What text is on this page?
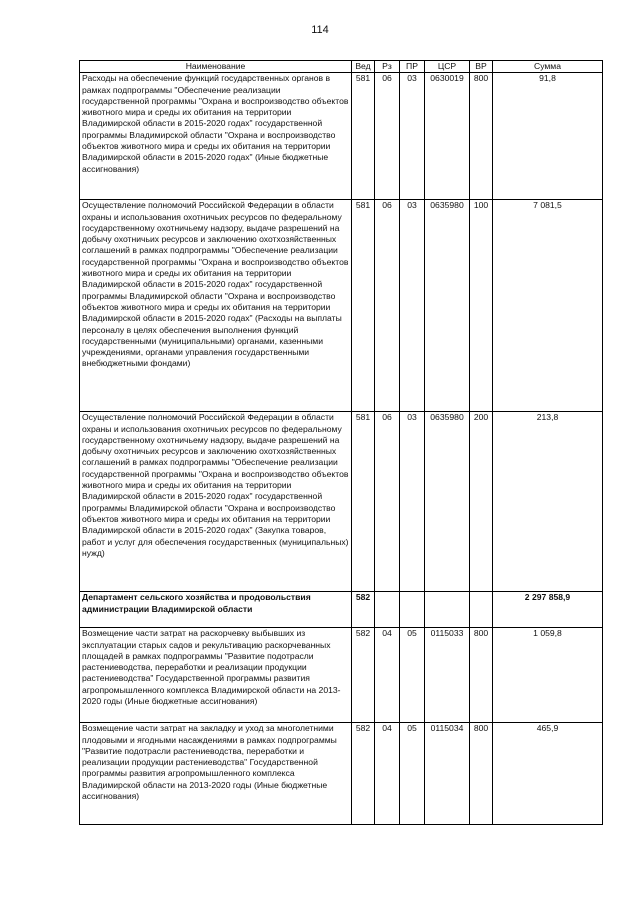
114
Наименование	Вед	Рз	ПР	ЦСР	ВР	Сумма
Расходы на обеспечение функций государственных органов в рамках подпрограммы "Обеспечение реализации государственной программы "Охрана и воспроизводство объектов животного мира и среды их обитания на территории Владимирской области в 2015-2020 годах" государственной программы Владимирской области "Охрана и воспроизводство объектов животного мира и среды их обитания на территории Владимирской области в 2015-2020 годах" (Иные бюджетные ассигнования)	581	06	03	0630019	800	91,8
Осуществление полномочий Российской Федерации в области охраны и использования охотничьих ресурсов по федеральному государственному охотничьему надзору, выдаче разрешений на добычу охотничьих ресурсов и заключению охотхозяйственных соглашений в рамках подпрограммы "Обеспечение реализации государственной программы "Охрана и воспроизводство объектов животного мира и среды их обитания на территории Владимирской области в 2015-2020 годах" государственной программы Владимирской области "Охрана и воспроизводство объектов животного мира и среды их обитания на территории Владимирской области в 2015-2020 годах" (Расходы на выплаты персоналу в целях обеспечения выполнения функций государственными (муниципальными) органами, казенными учреждениями, органами управления государственными внебюджетными фондами)	581	06	03	0635980	100	7 081,5
Осуществление полномочий Российской Федерации в области охраны и использования охотничьих ресурсов по федеральному государственному охотничьему надзору, выдаче разрешений на добычу охотничьих ресурсов и заключению охотхозяйственных соглашений в рамках подпрограммы "Обеспечение реализации государственной программы "Охрана и воспроизводство объектов животного мира и среды их обитания на территории Владимирской области в 2015-2020 годах" государственной программы Владимирской области "Охрана и воспроизводство объектов животного мира и среды их обитания на территории Владимирской области в 2015-2020 годах" (Закупка товаров, работ и услуг для обеспечения государственных (муниципальных) нужд)	581	06	03	0635980	200	213,8
Департамент сельского хозяйства и продовольствия администрации Владимирской области	582					2 297 858,9
Возмещение части затрат на раскорчевку выбывших из эксплуатации старых садов и рекультивацию раскорчеванных площадей в рамках подпрограммы "Развитие подотрасли растениеводства, переработки и реализации продукции растениеводства" Государственной программы развития агропромышленного комплекса Владимирской области на 2013-2020 годы (Иные бюджетные ассигнования)	582	04	05	0115033	800	1 059,8
Возмещение части затрат на закладку и уход за многолетними плодовыми и ягодными насаждениями в рамках подпрограммы "Развитие подотрасли растениеводства, переработки и реализации продукции растениеводства" Государственной программы развития агропромышленного комплекса Владимирской области на 2013-2020 годы (Иные бюджетные ассигнования)	582	04	05	0115034	800	465,9
